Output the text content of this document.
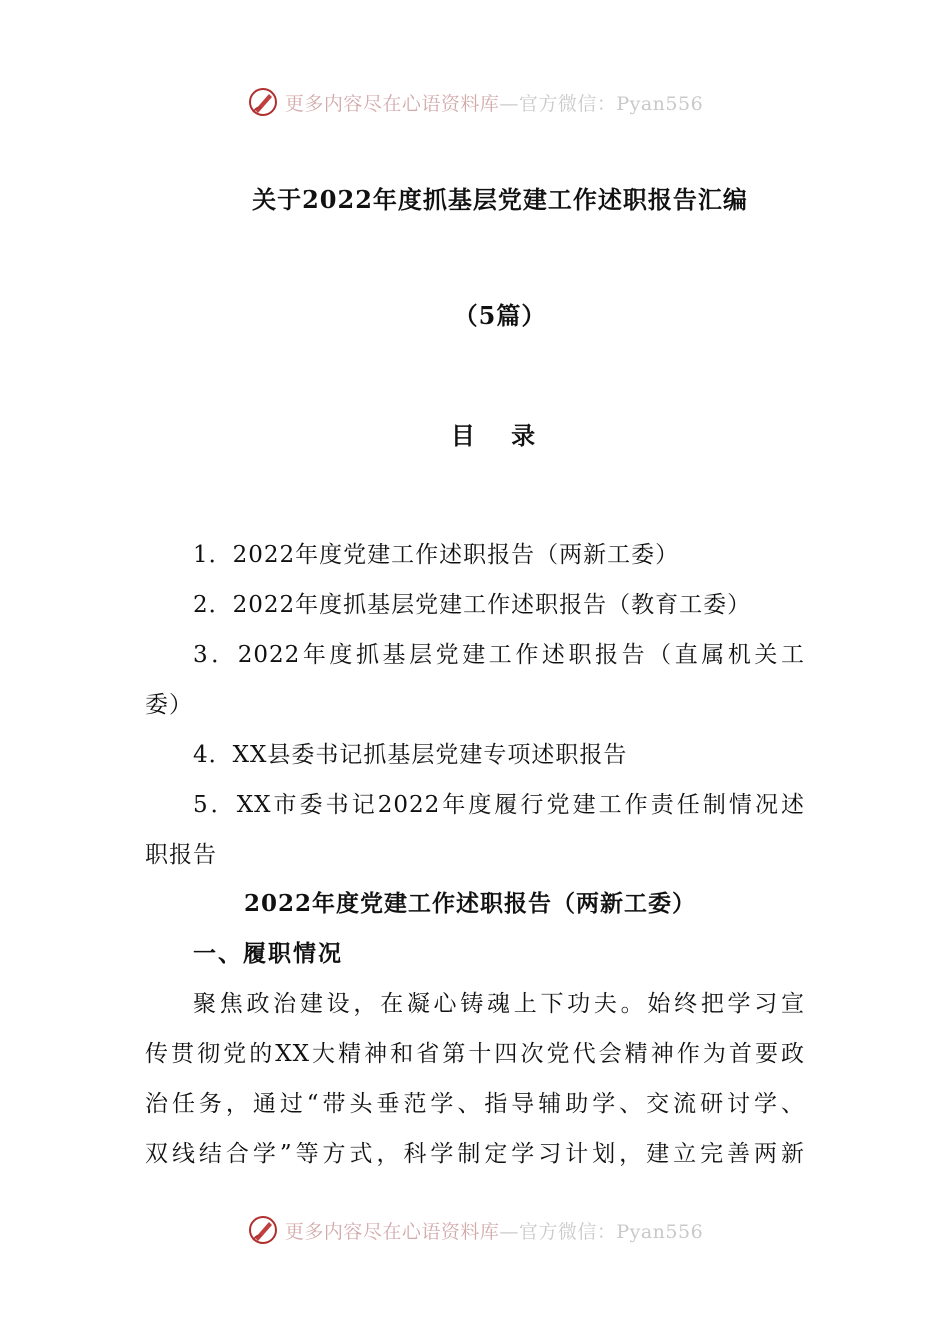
更多内容尽在心语资料库—官方微信：Pyan556
关于2022年度抓基层党建工作述职报告汇编
（5篇）
目 录
1．2022年度党建工作述职报告（两新工委）
2．2022年度抓基层党建工作述职报告（教育工委）
3．2022年度抓基层党建工作述职报告（直属机关工
委）
4．XX县委书记抓基层党建专项述职报告
5．XX市委书记2022年度履行党建工作责任制情况述
职报告
2022年度党建工作述职报告（两新工委）
一、履职情况
聚焦政治建设，在凝心铸魂上下功夫。始终把学习宣
传贯彻党的XX大精神和省第十四次党代会精神作为首要政
治任务，通过“带头垂范学、指导辅助学、交流研讨学、
双线结合学”等方式，科学制定学习计划，建立完善两新
更多内容尽在心语资料库—官方微信：Pyan556
